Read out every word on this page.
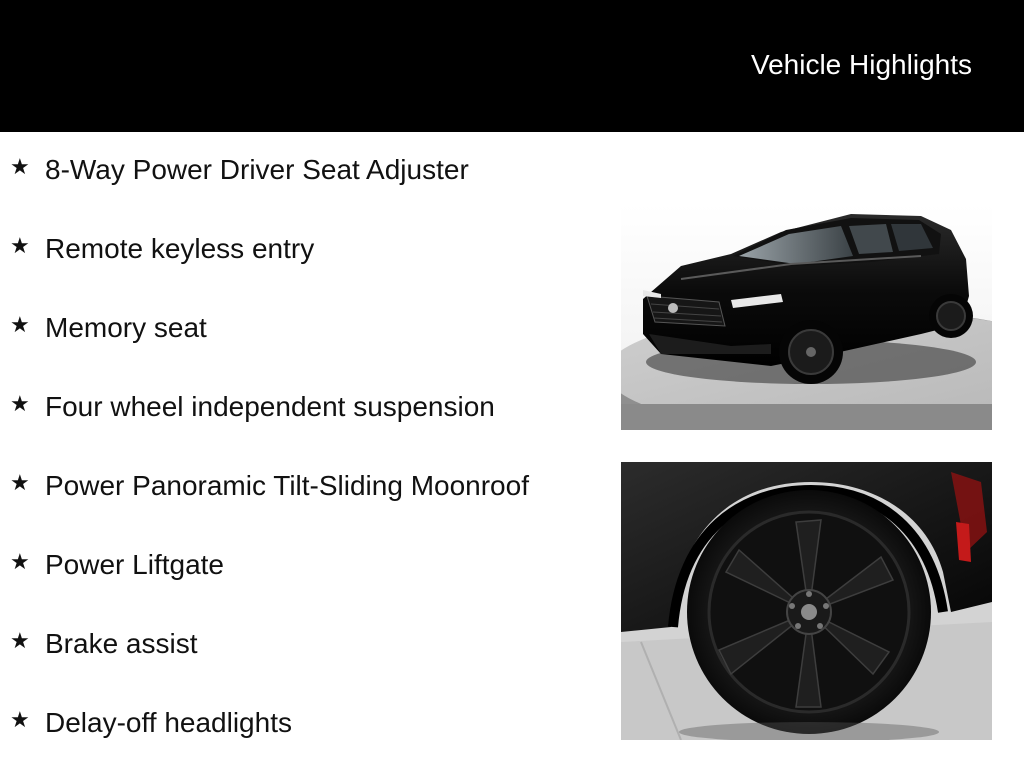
Vehicle Highlights
★ 8-Way Power Driver Seat Adjuster
★ Remote keyless entry
★ Memory seat
★ Four wheel independent suspension
★ Power Panoramic Tilt-Sliding Moonroof
★ Power Liftgate
★ Brake assist
★ Delay-off headlights
